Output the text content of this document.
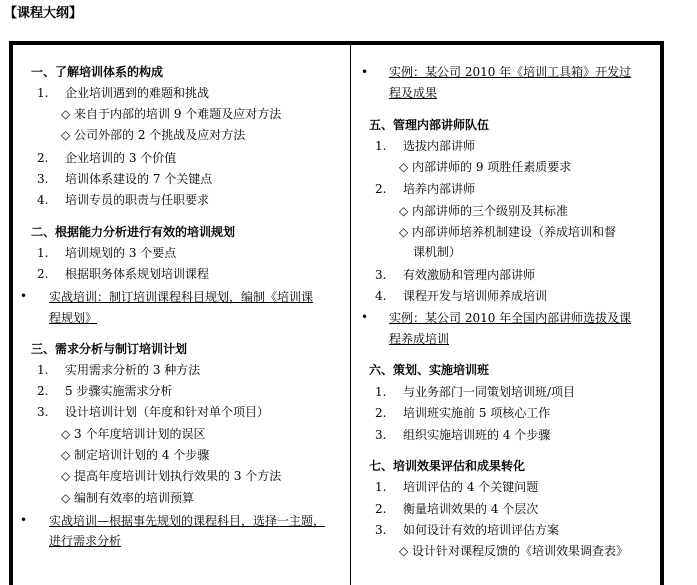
【课程大纲】
一、了解培训体系的构成
1. 企业培训遇到的难题和挑战
◇ 来自于内部的培训 9 个难题及应对方法
◇ 公司外部的 2 个挑战及应对方法
2. 企业培训的 3 个价值
3. 培训体系建设的 7 个关键点
4. 培训专员的职责与任职要求
二、根据能力分析进行有效的培训规划
1. 培训规划的 3 个要点
2. 根据职务体系规划培训课程
• 实战培训：制订培训课程科目规划，编制《培训课
程规划》
三、需求分析与制订培训计划
1. 实用需求分析的 3 种方法
2. 5 步骤实施需求分析
3. 设计培训计划（年度和针对单个项目）
◇ 3 个年度培训计划的误区
◇ 制定培训计划的 4 个步骤
◇ 提高年度培训计划执行效果的 3 个方法
◇ 编制有效率的培训预算
• 实战培训—根据事先规划的课程科目，选择一主题，
进行需求分析
• 实例：某公司 2010 年《培训工具箱》开发过
程及成果
五、管理内部讲师队伍
1. 选拔内部讲师
◇ 内部讲师的 9 项胜任素质要求
2. 培养内部讲师
◇ 内部讲师的三个级别及其标准
◇ 内部讲师培养机制建设（养成培训和督
课机制）
3. 有效激励和管理内部讲师
4. 课程开发与培训师养成培训
• 实例：某公司 2010 年全国内部讲师选拔及课
程养成培训
六、策划、实施培训班
1. 与业务部门一同策划培训班/项目
2. 培训班实施前 5 项核心工作
3. 组织实施培训班的 4 个步骤
七、培训效果评估和成果转化
1. 培训评估的 4 个关键问题
2. 衡量培训效果的 4 个层次
3. 如何设计有效的培训评估方案
◇ 设计针对课程反馈的《培训效果调查表》
